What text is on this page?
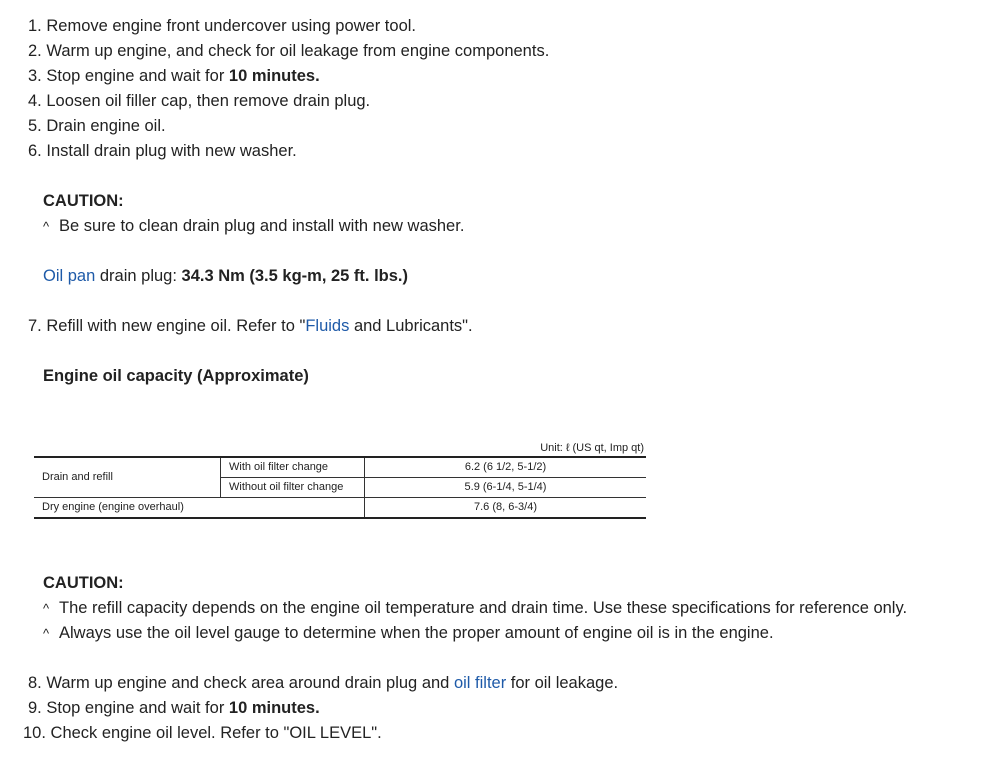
1. Remove engine front undercover using power tool.
2. Warm up engine, and check for oil leakage from engine components.
3. Stop engine and wait for 10 minutes.
4. Loosen oil filler cap, then remove drain plug.
5. Drain engine oil.
6. Install drain plug with new washer.
CAUTION:
^ Be sure to clean drain plug and install with new washer.
Oil pan drain plug: 34.3 Nm (3.5 kg-m, 25 ft. lbs.)
7. Refill with new engine oil. Refer to "Fluids and Lubricants".
Engine oil capacity (Approximate)
Unit: ℓ (US qt, Imp qt)
Drain and refill	With oil filter change	6.2 (6 1/2, 5-1/2)
	Without oil filter change	5.9 (6-1/4, 5-1/4)
Dry engine (engine overhaul)		7.6 (8, 6-3/4)
CAUTION:
^ The refill capacity depends on the engine oil temperature and drain time. Use these specifications for reference only.
^ Always use the oil level gauge to determine when the proper amount of engine oil is in the engine.
8. Warm up engine and check area around drain plug and oil filter for oil leakage.
9. Stop engine and wait for 10 minutes.
10. Check engine oil level. Refer to "OIL LEVEL".
